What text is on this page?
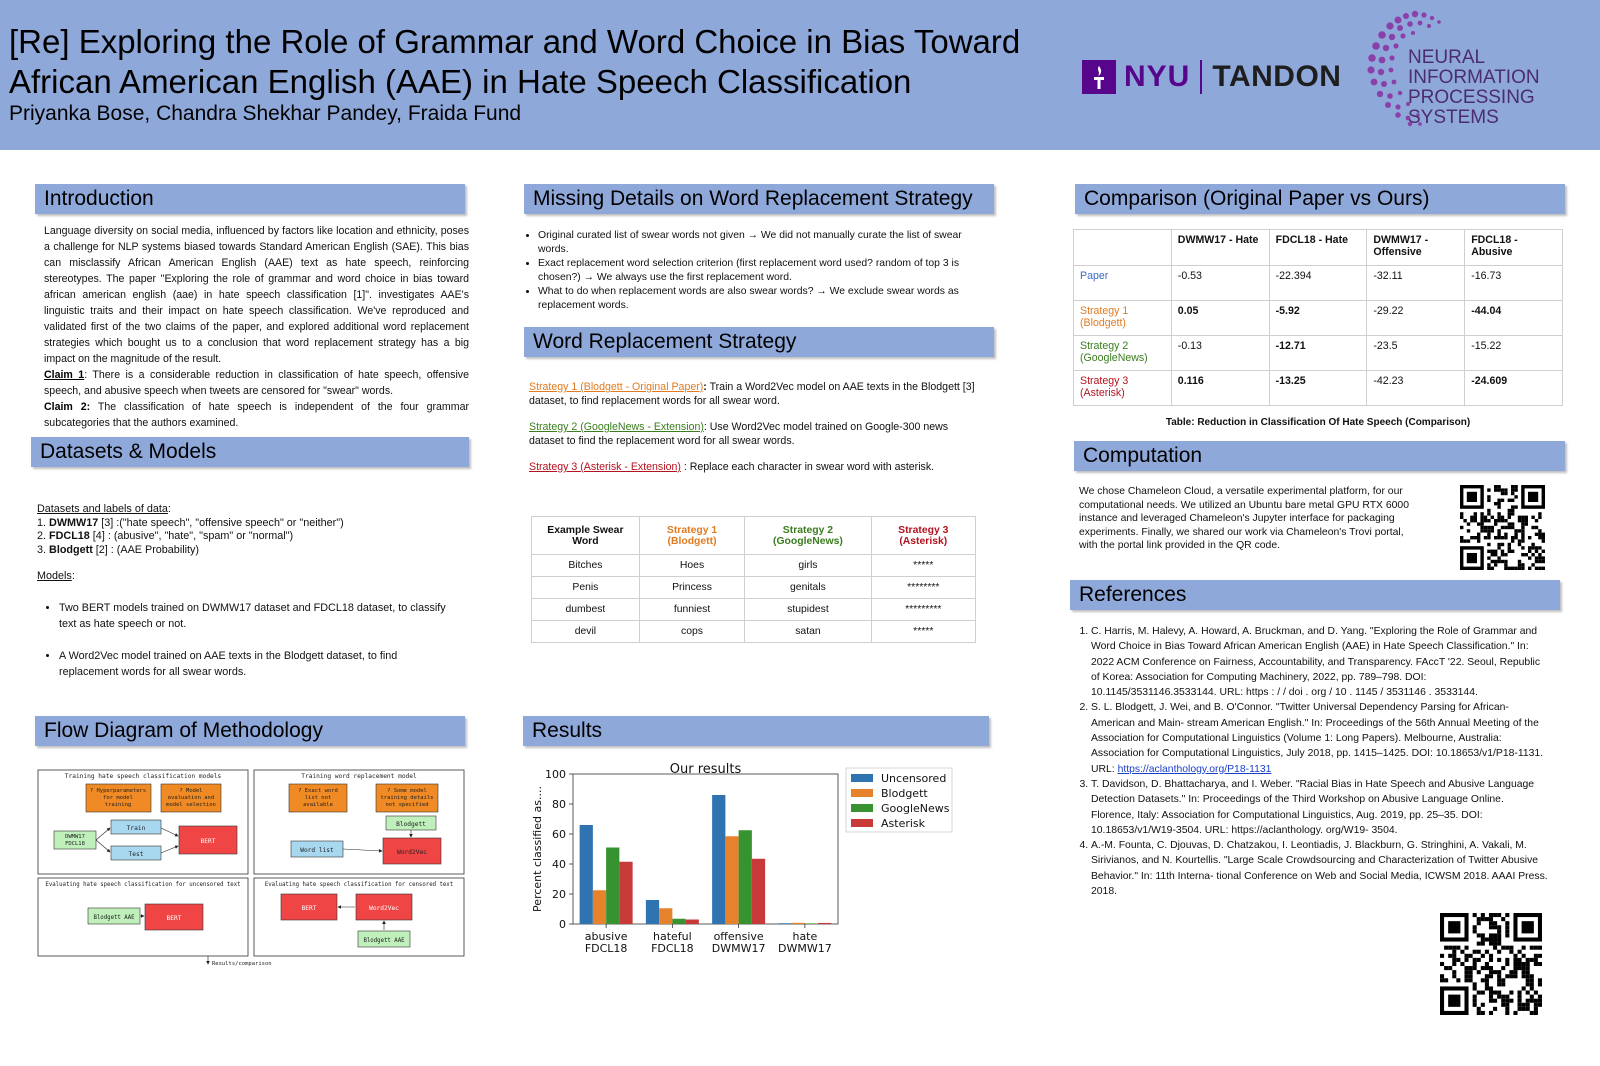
[Re] Exploring the Role of Grammar and Word Choice in Bias Toward
African American English (AAE) in Hate Speech Classification
Priyanka Bose, Chandra Shekhar Pandey, Fraida Fund
NYU TANDON
NEURAL INFORMATION
PROCESSING SYSTEMS
Introduction
Language diversity on social media, influenced by factors like location and ethnicity, poses a challenge for NLP systems biased towards Standard American English (SAE). This bias can misclassify African American English (AAE) text as hate speech, reinforcing stereotypes. The paper "Exploring the role of grammar and word choice in bias toward african american english (aae) in hate speech classification [1]". investigates AAE's linguistic traits and their impact on hate speech classification. We've reproduced and validated first of the two claims of the paper, and explored additional word replacement strategies which bought us to a conclusion that word replacement strategy has a big impact on the magnitude of the result.
Claim 1: There is a considerable reduction in classification of hate speech, offensive speech, and abusive speech when tweets are censored for "swear" words.
Claim 2: The classification of hate speech is independent of the four grammar subcategories that the authors examined.
Datasets & Models
Datasets and labels of data:
1. DWMW17 [3] :("hate speech", "offensive speech" or "neither")
2. FDCL18 [4] : (abusive", "hate", "spam" or "normal")
3. Blodgett [2] : (AAE Probability)
Models:
• Two BERT models trained on DWMW17 dataset and FDCL18 dataset, to classify text as hate speech or not.
• A Word2Vec model trained on AAE texts in the Blodgett dataset, to find replacement words for all swear words.
Flow Diagram of Methodology
Training hate speech classification models
? Hyperparameters
for model
training
? Model
evaluation and
model selection
Train
Test
DWMW17
FDCL18	BERT
Training word replacement model
? Exact word
list not
available
? Some model
training details
not specified
Blodgett
Word list	Word2Vec
Evaluating hate speech classification for uncensored text
Blodgett AAE	BERT
Evaluating hate speech classification for censored text
BERT	Word2Vec
Blodgett AAE
Results/comparison
Missing Details on Word Replacement Strategy
• Original curated list of swear words not given → We did not manually curate the list of swear words.
• Exact replacement word selection criterion (first replacement word used? random of top 3 is chosen?) → We always use the first replacement word.
• What to do when replacement words are also swear words? → We exclude swear words as replacement words.
Word Replacement Strategy
Strategy 1 (Blodgett - Original Paper): Train a Word2Vec model on AAE texts in the Blodgett [3] dataset, to find replacement words for all swear word.
Strategy 2 (GoogleNews - Extension): Use Word2Vec model trained on Google-300 news dataset to find the replacement word for all swear words.
Strategy 3 (Asterisk - Extension) : Replace each character in swear word with asterisk.
Example Swear Word	Strategy 1 (Blodgett)	Strategy 2 (GoogleNews)	Strategy 3 (Asterisk)
Bitches	Hoes	girls	*****
Penis	Princess	genitals	********
dumbest	funniest	stupidest	*********
devil	cops	satan	*****
Results
Our results
0
20
40
60
80
100
Percent classified as....
abusive
FDCL18
hateful
FDCL18
offensive
DWMW17
hate
DWMW17
Uncensored
Blodgett
GoogleNews
Asterisk
Comparison (Original Paper vs Ours)
	DWMW17 - Hate	FDCL18 - Hate	DWMW17 - Offensive	FDCL18 - Abusive
Paper	-0.53	-22.394	-32.11	-16.73
Strategy 1 (Blodgett)	0.05	-5.92	-29.22	-44.04
Strategy 2 (GoogleNews)	-0.13	-12.71	-23.5	-15.22
Strategy 3 (Asterisk)	0.116	-13.25	-42.23	-24.609
Table: Reduction in Classification Of Hate Speech (Comparison)
Computation
We chose Chameleon Cloud, a versatile experimental platform, for our computational needs. We utilized an Ubuntu bare metal GPU RTX 6000 instance and leveraged Chameleon's Jupyter interface for packaging experiments. Finally, we shared our work via Chameleon's Trovi portal, with the portal link provided in the QR code.
References
1. C. Harris, M. Halevy, A. Howard, A. Bruckman, and D. Yang. "Exploring the Role of Grammar and Word Choice in Bias Toward African American English (AAE) in Hate Speech Classification." In: 2022 ACM Conference on Fairness, Accountability, and Transparency. FAccT '22. Seoul, Republic of Korea: Association for Computing Machinery, 2022, pp. 789–798. DOI: 10.1145/3531146.3533144. URL: https : / / doi . org / 10 . 1145 / 3531146 . 3533144.
2. S. L. Blodgett, J. Wei, and B. O'Connor. "Twitter Universal Dependency Parsing for African-American and Main- stream American English." In: Proceedings of the 56th Annual Meeting of the Association for Computational Linguistics (Volume 1: Long Papers). Melbourne, Australia: Association for Computational Linguistics, July 2018, pp. 1415–1425. DOI: 10.18653/v1/P18-1131. URL: https://aclanthology.org/P18-1131
3. T. Davidson, D. Bhattacharya, and I. Weber. "Racial Bias in Hate Speech and Abusive Language Detection Datasets." In: Proceedings of the Third Workshop on Abusive Language Online. Florence, Italy: Association for Computational Linguistics, Aug. 2019, pp. 25–35. DOI: 10.18653/v1/W19-3504. URL: https://aclanthology. org/W19- 3504.
4. A.-M. Founta, C. Djouvas, D. Chatzakou, I. Leontiadis, J. Blackburn, G. Stringhini, A. Vakali, M. Sirivianos, and N. Kourtellis. "Large Scale Crowdsourcing and Characterization of Twitter Abusive Behavior." In: 11th Interna- tional Conference on Web and Social Media, ICWSM 2018. AAAI Press. 2018.
